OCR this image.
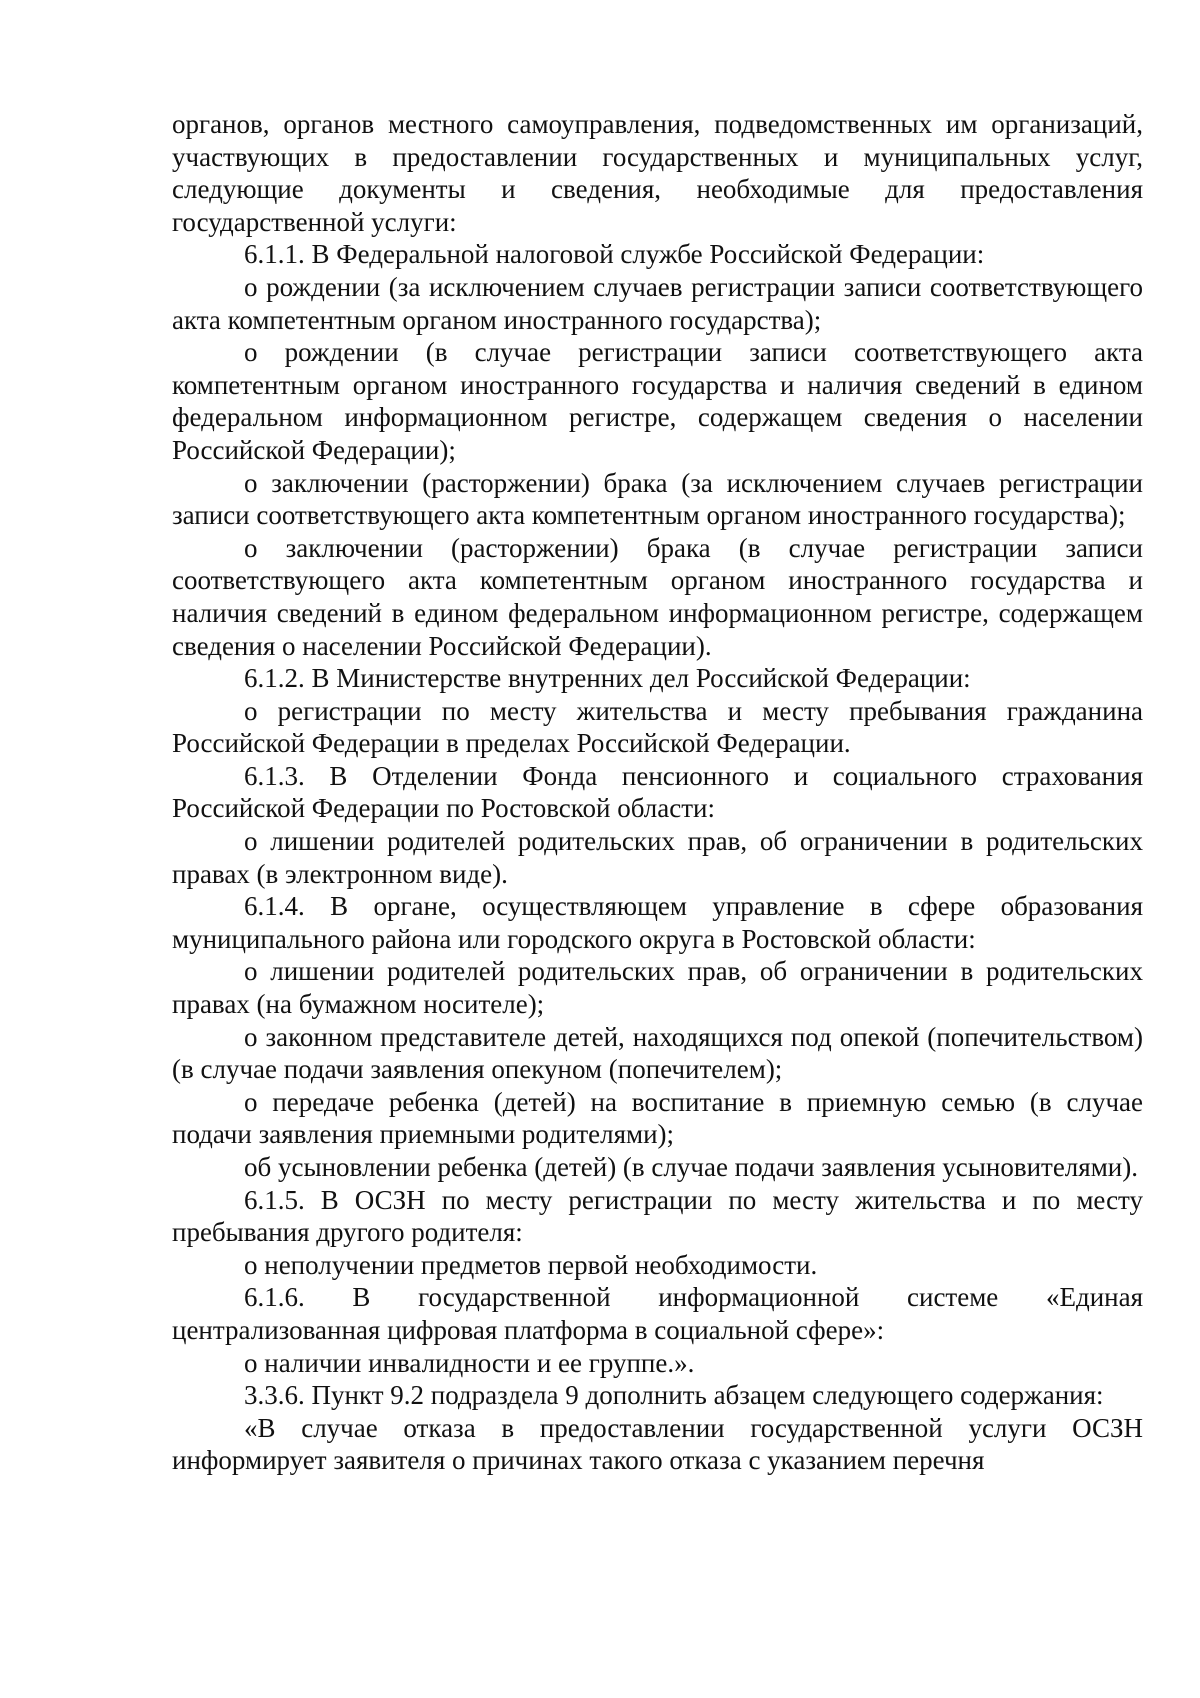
органов, органов местного самоуправления, подведомственных им организаций, участвующих в предоставлении государственных и муниципальных услуг, следующие документы и сведения, необходимые для предоставления государственной услуги:

6.1.1. В Федеральной налоговой службе Российской Федерации:

о рождении (за исключением случаев регистрации записи соответствующего акта компетентным органом иностранного государства);

о рождении (в случае регистрации записи соответствующего акта компетентным органом иностранного государства и наличия сведений в едином федеральном информационном регистре, содержащем сведения о населении Российской Федерации);

о заключении (расторжении) брака (за исключением случаев регистрации записи соответствующего акта компетентным органом иностранного государства);

о заключении (расторжении) брака (в случае регистрации записи соответствующего акта компетентным органом иностранного государства и наличия сведений в едином федеральном информационном регистре, содержащем сведения о населении Российской Федерации).

6.1.2. В Министерстве внутренних дел Российской Федерации:

о регистрации по месту жительства и месту пребывания гражданина Российской Федерации в пределах Российской Федерации.

6.1.3. В Отделении Фонда пенсионного и социального страхования Российской Федерации по Ростовской области:

о лишении родителей родительских прав, об ограничении в родительских правах (в электронном виде).

6.1.4. В органе, осуществляющем управление в сфере образования муниципального района или городского округа в Ростовской области:

о лишении родителей родительских прав, об ограничении в родительских правах (на бумажном носителе);

о законном представителе детей, находящихся под опекой (попечительством) (в случае подачи заявления опекуном (попечителем);

о передаче ребенка (детей) на воспитание в приемную семью (в случае подачи заявления приемными родителями);

об усыновлении ребенка (детей) (в случае подачи заявления усыновителями).

6.1.5. В ОСЗН по месту регистрации по месту жительства и по месту пребывания другого родителя:

о неполучении предметов первой необходимости.

6.1.6. В государственной информационной системе «Единая централизованная цифровая платформа в социальной сфере»:

о наличии инвалидности и ее группе.».

3.3.6. Пункт 9.2 подраздела 9 дополнить абзацем следующего содержания:

«В случае отказа в предоставлении государственной услуги ОСЗН информирует заявителя о причинах такого отказа с указанием перечня
